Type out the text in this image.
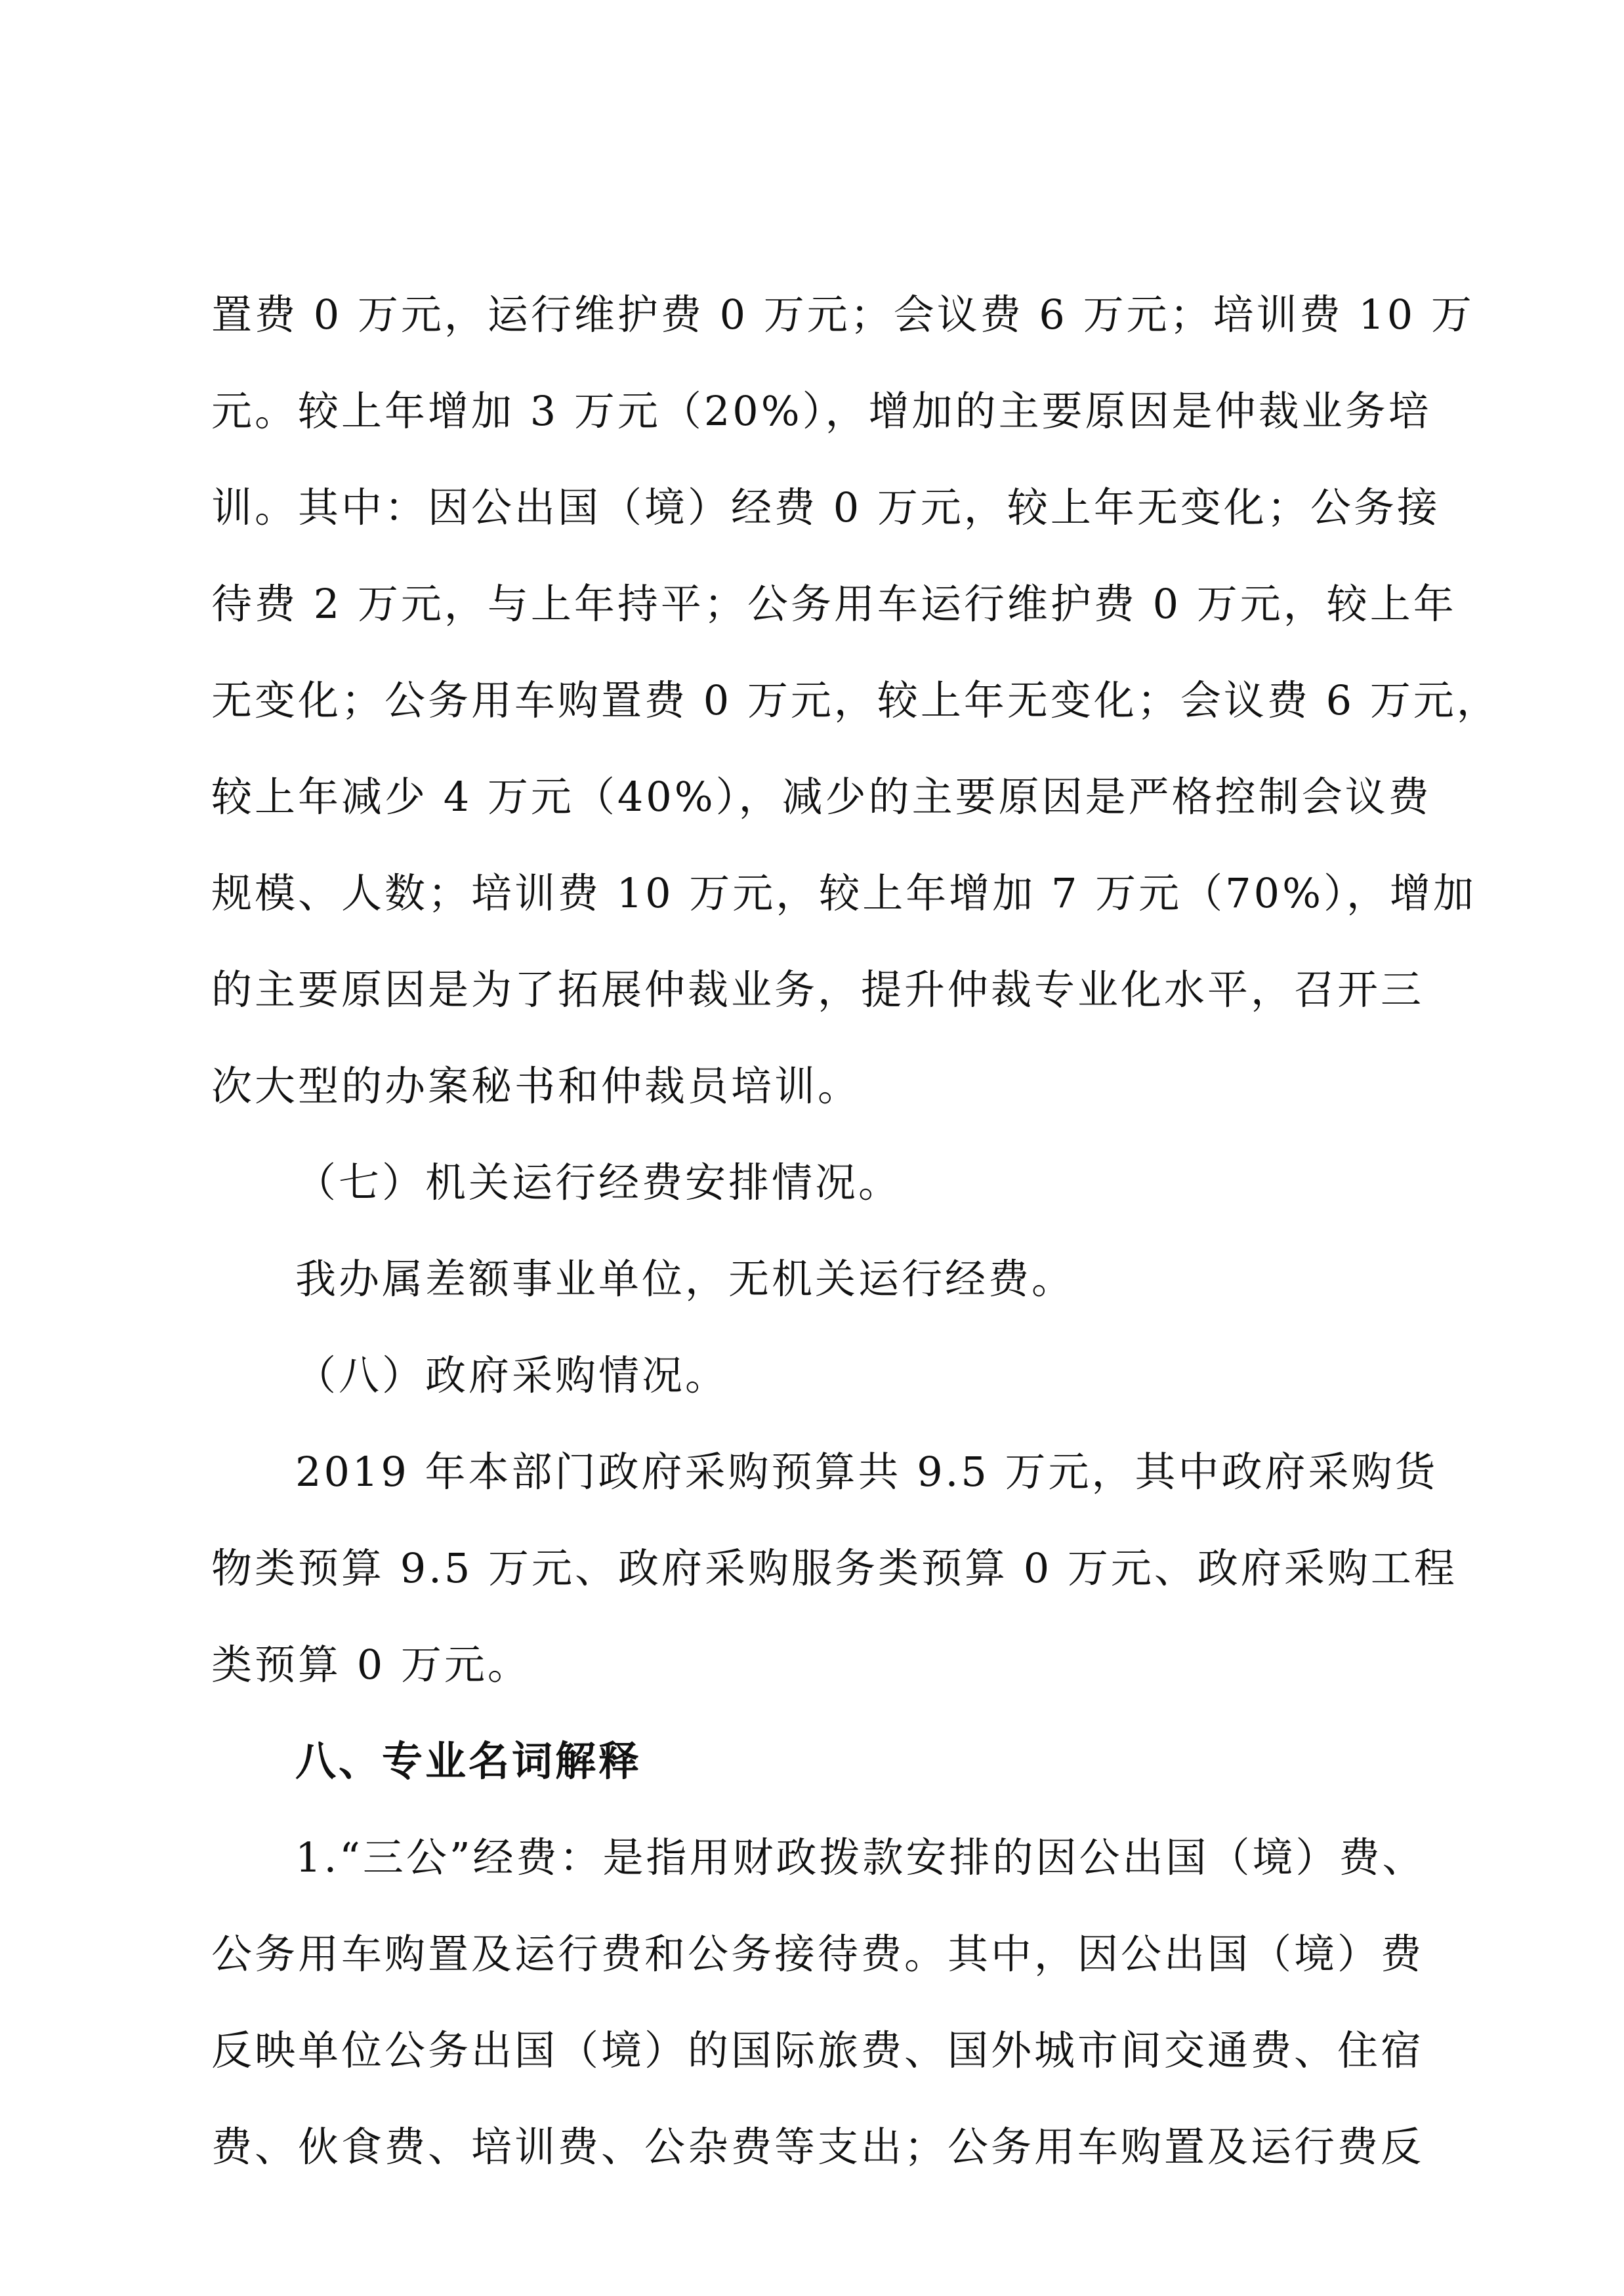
置费 0 万元，运行维护费 0 万元；会议费 6 万元；培训费 10 万
元。较上年增加 3 万元（20%），增加的主要原因是仲裁业务培
训。其中：因公出国（境）经费 0 万元，较上年无变化；公务接
待费 2 万元，与上年持平；公务用车运行维护费 0 万元，较上年
无变化；公务用车购置费 0 万元，较上年无变化；会议费 6 万元，
较上年减少 4 万元（40%），减少的主要原因是严格控制会议费
规模、人数；培训费 10 万元，较上年增加 7 万元（70%），增加
的主要原因是为了拓展仲裁业务，提升仲裁专业化水平，召开三
次大型的办案秘书和仲裁员培训。
（七）机关运行经费安排情况。
我办属差额事业单位，无机关运行经费。
（八）政府采购情况。
2019 年本部门政府采购预算共 9.5 万元，其中政府采购货
物类预算 9.5 万元、政府采购服务类预算 0 万元、政府采购工程
类预算 0 万元。
八、专业名词解释
1.“三公”经费：是指用财政拨款安排的因公出国（境）费、
公务用车购置及运行费和公务接待费。其中，因公出国（境）费
反映单位公务出国（境）的国际旅费、国外城市间交通费、住宿
费、伙食费、培训费、公杂费等支出；公务用车购置及运行费反
